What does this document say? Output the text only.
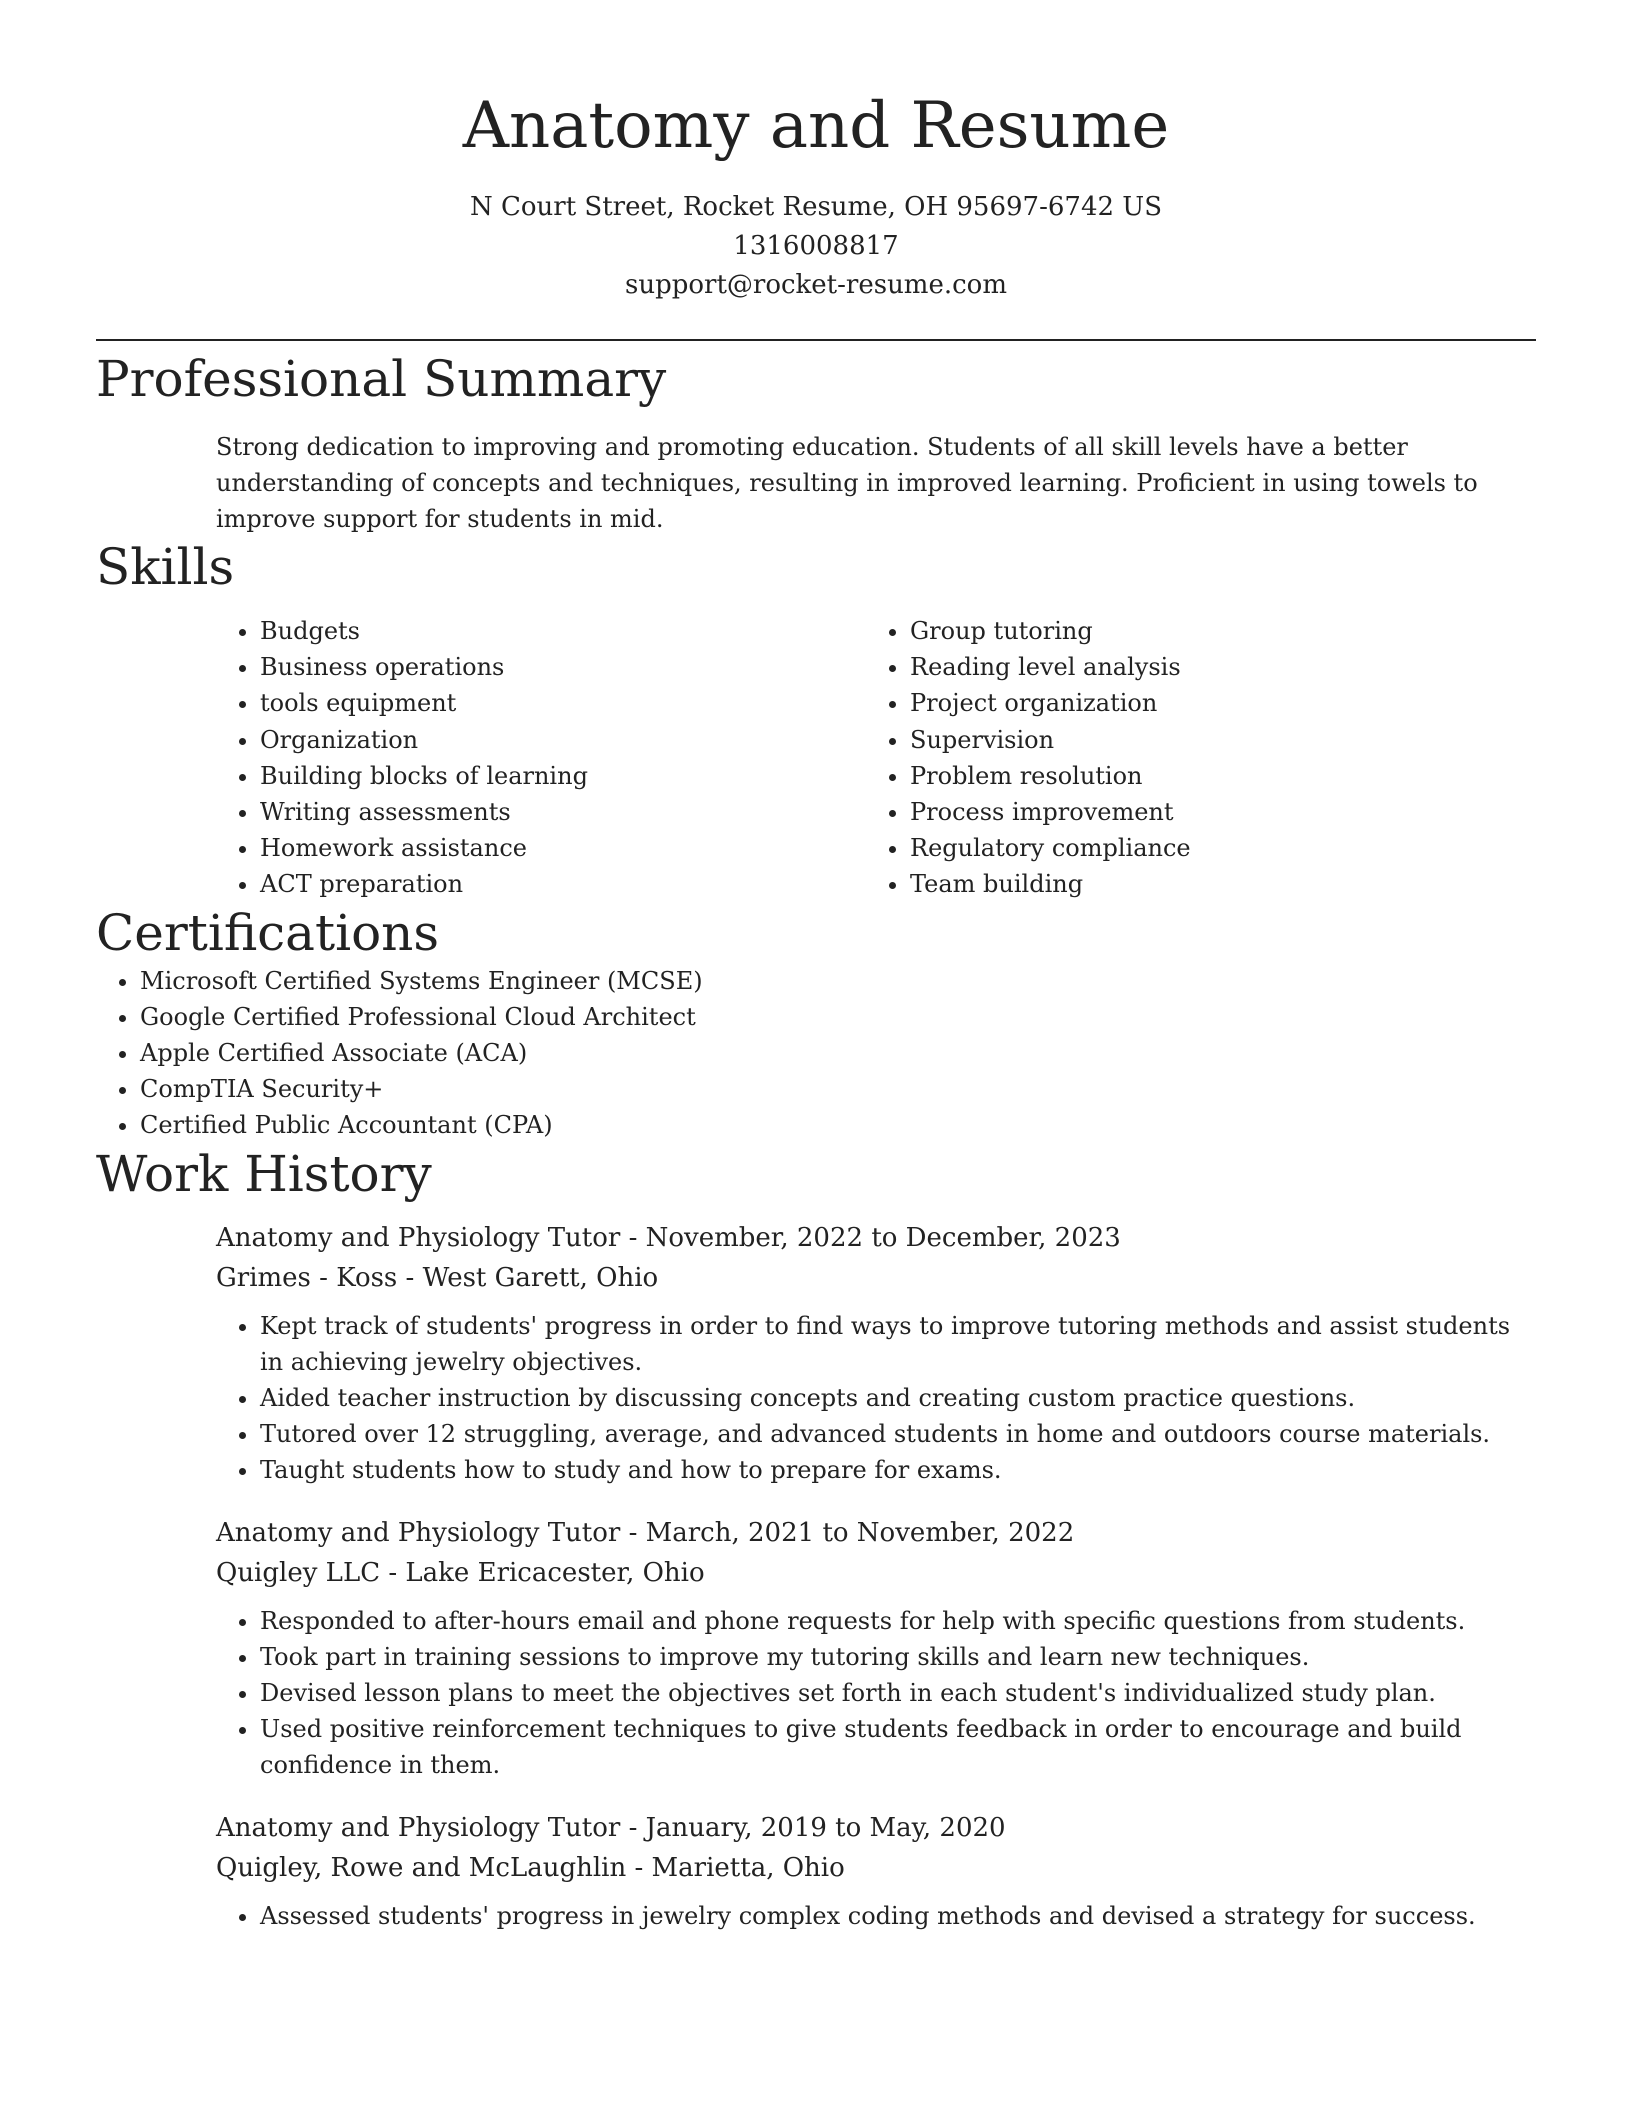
Anatomy and Resume
N Court Street, Rocket Resume, OH 95697-6742 US
1316008817
support@rocket-resume.com
Professional Summary

Strong dedication to improving and promoting education. Students of all skill levels have a better understanding of concepts and techniques, resulting in improved learning. Proficient in using towels to improve support for students in mid.

Skills
• Budgets
• Business operations
• tools equipment
• Organization
• Building blocks of learning
• Writing assessments
• Homework assistance
• ACT preparation
• Group tutoring
• Reading level analysis
• Project organization
• Supervision
• Problem resolution
• Process improvement
• Regulatory compliance
• Team building
Certifications
• Microsoft Certified Systems Engineer (MCSE)
• Google Certified Professional Cloud Architect
• Apple Certified Associate (ACA)
• CompTIA Security+
• Certified Public Accountant (CPA)
Work History
Anatomy and Physiology Tutor - November, 2022 to December, 2023
Grimes - Koss - West Garett, Ohio
• Kept track of students' progress in order to find ways to improve tutoring methods and assist students in achieving jewelry objectives.
• Aided teacher instruction by discussing concepts and creating custom practice questions.
• Tutored over 12 struggling, average, and advanced students in home and outdoors course materials.
• Taught students how to study and how to prepare for exams.
Anatomy and Physiology Tutor - March, 2021 to November, 2022
Quigley LLC - Lake Ericacester, Ohio
• Responded to after-hours email and phone requests for help with specific questions from students.
• Took part in training sessions to improve my tutoring skills and learn new techniques.
• Devised lesson plans to meet the objectives set forth in each student's individualized study plan.
• Used positive reinforcement techniques to give students feedback in order to encourage and build confidence in them.
Anatomy and Physiology Tutor - January, 2019 to May, 2020
Quigley, Rowe and McLaughlin - Marietta, Ohio
• Assessed students' progress in jewelry complex coding methods and devised a strategy for success.
